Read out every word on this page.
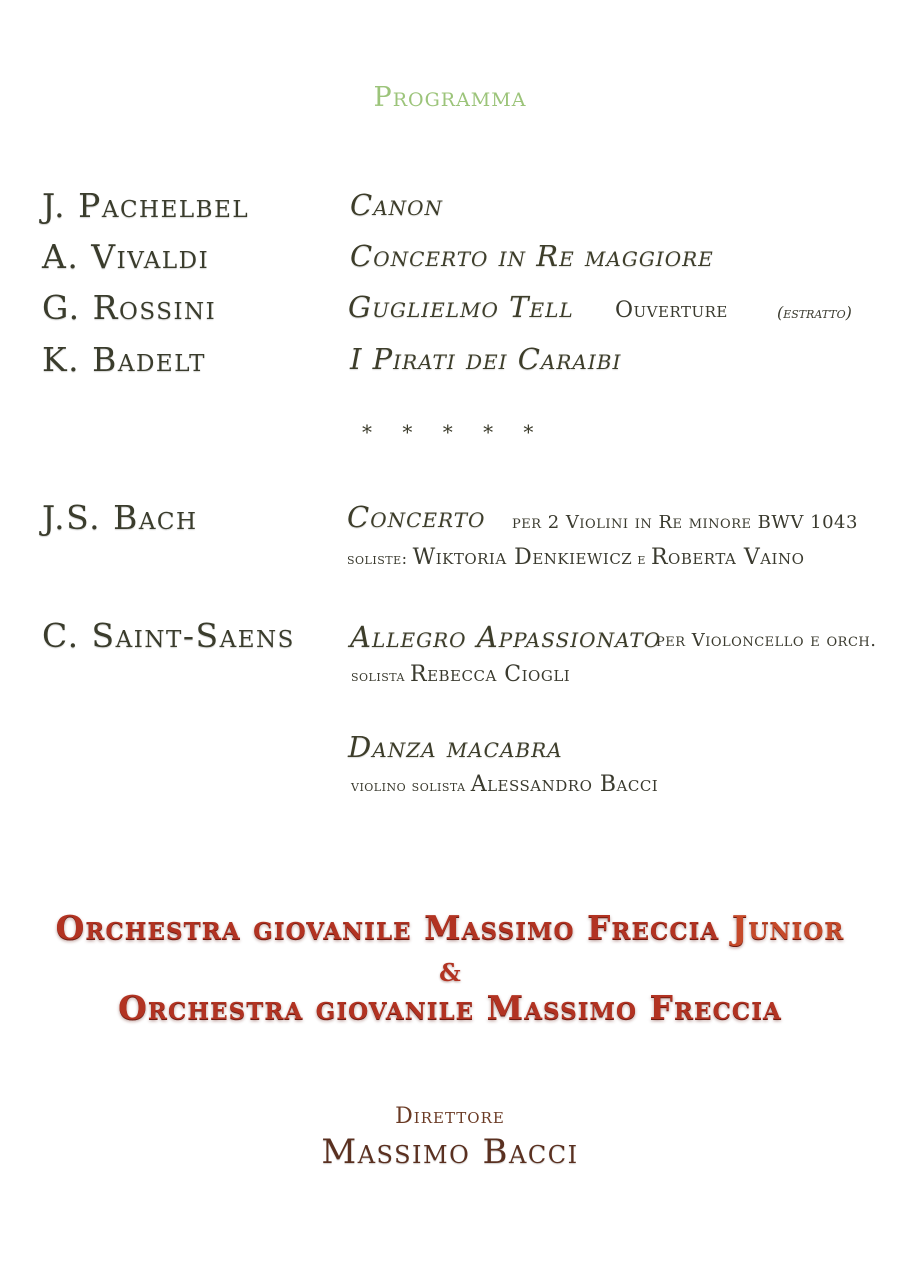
Programma
J. Pachelbel	Canon
A. Vivaldi	Concerto in Re maggiore
G. Rossini	Guglielmo Tell Ouverture	(estratto)
K. Badelt	I Pirati dei Caraibi
* * * * *
J.S. Bach	Concerto per 2 Violini in Re minore BWV 1043
soliste: Wiktoria Denkiewicz e Roberta Vaino
C. Saint-Saens Allegro Appassionato
per Violoncello e orch.
solista Rebecca Ciogli
Danza macabra
violino solista Alessandro Bacci
Orchestra giovanile Massimo Freccia Junior
&
Orchestra giovanile Massimo Freccia
Direttore
Massimo Bacci
